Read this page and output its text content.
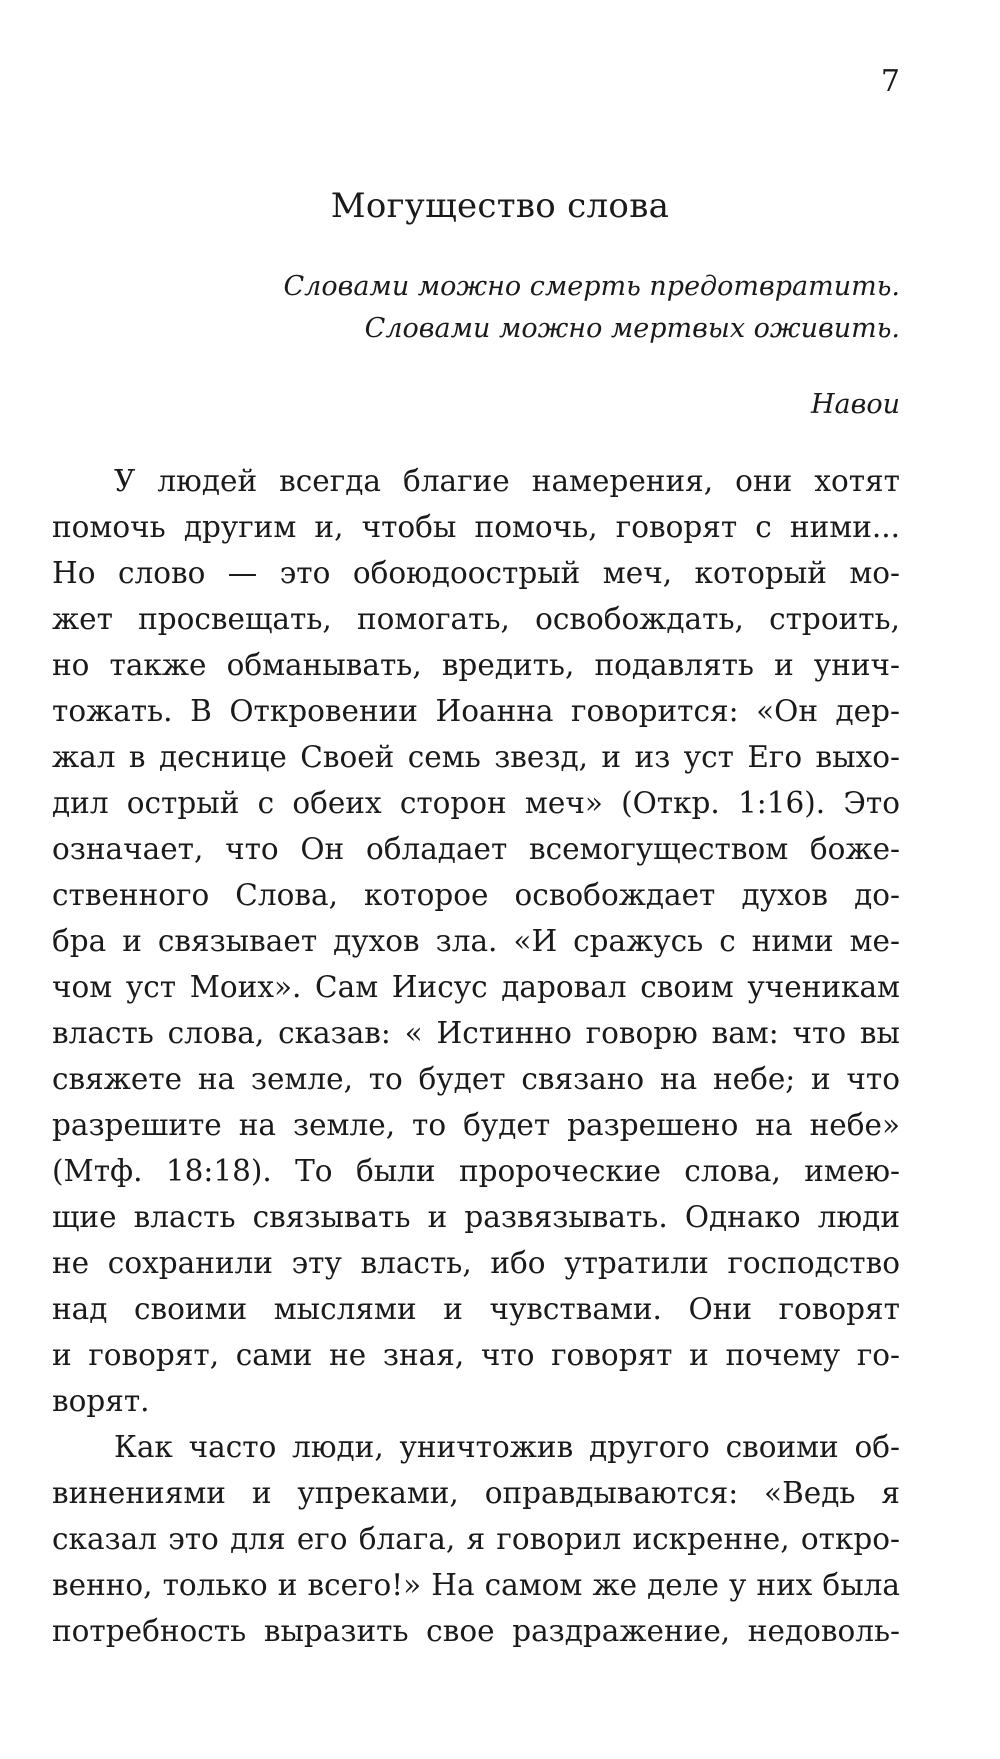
7
Могущество слова
Словами можно смерть предотвратить.
Словами можно мертвых оживить.
Навои
У людей всегда благие намерения, они хотят
помочь другим и, чтобы помочь, говорят с ними...
Но слово — это обоюдоострый меч, который мо-
жет просвещать, помогать, освобождать, строить,
но также обманывать, вредить, подавлять и унич-
тожать. В Откровении Иоанна говорится: «Он дер-
жал в деснице Своей семь звезд, и из уст Его выхо-
дил острый с обеих сторон меч» (Откр. 1:16). Это
означает, что Он обладает всемогуществом боже-
ственного Слова, которое освобождает духов до-
бра и связывает духов зла. «И сражусь с ними ме-
чом уст Моих». Сам Иисус даровал своим ученикам
власть слова, сказав: « Истинно говорю вам: что вы
свяжете на земле, то будет связано на небе; и что
разрешите на земле, то будет разрешено на небе»
(Мтф. 18:18). То были пророческие слова, имею-
щие власть связывать и развязывать. Однако люди
не сохранили эту власть, ибо утратили господство
над своими мыслями и чувствами. Они говорят
и говорят, сами не зная, что говорят и почему го-
ворят.
Как часто люди, уничтожив другого своими об-
винениями и упреками, оправдываются: «Ведь я
сказал это для его блага, я говорил искренне, откро-
венно, только и всего!» На самом же деле у них была
потребность выразить свое раздражение, недоволь-
